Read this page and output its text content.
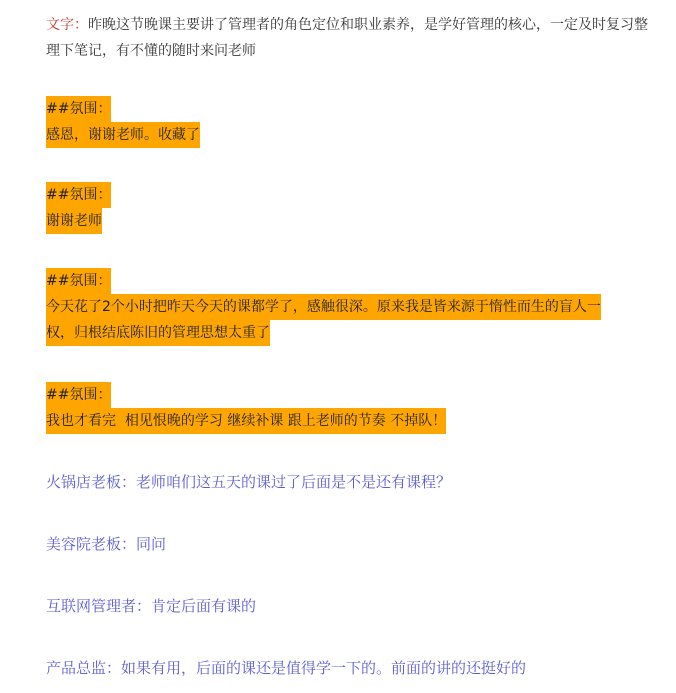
文字：昨晚这节晚课主要讲了管理者的角色定位和职业素养，是学好管理的核心，一定及时复习整理下笔记，有不懂的随时来问老师

##氛围：
感恩，谢谢老师。收藏了
##氛围：
谢谢老师
##氛围：
今天花了2个小时把昨天今天的课都学了，感触很深。原来我是皆来源于惰性而生的盲人一
权，归根结底陈旧的管理思想太重了
##氛围：
我也才看完  相见恨晚的学习 继续补课 跟上老师的节奏 不掉队！

火锅店老板：老师咱们这五天的课过了后面是不是还有课程？

美容院老板：同问

互联网管理者：肯定后面有课的

产品总监：如果有用，后面的课还是值得学一下的。前面的讲的还挺好的
